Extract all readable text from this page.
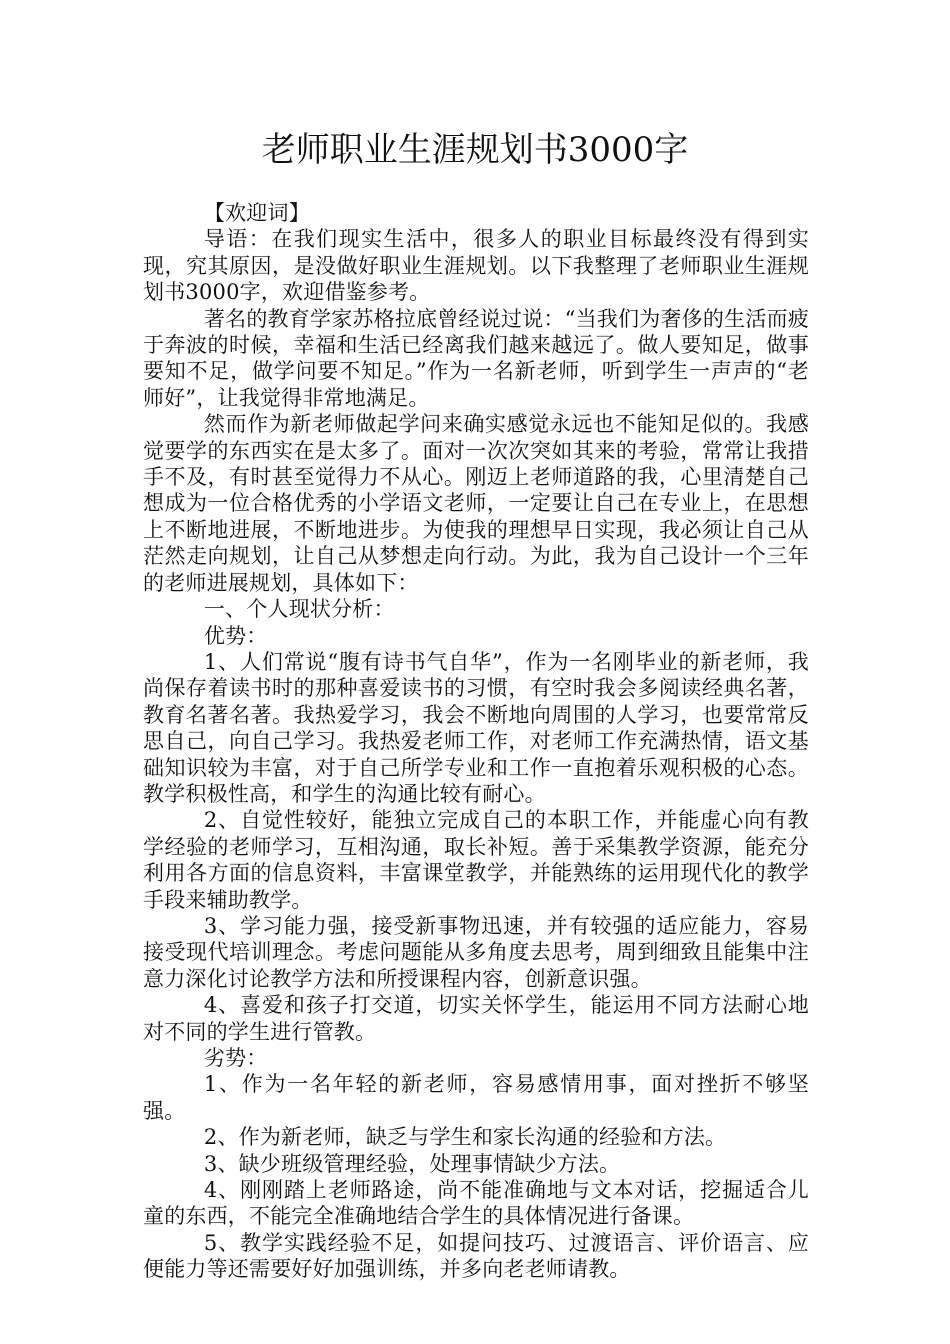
老师职业生涯规划书3000字

【欢迎词】

导语：在我们现实生活中，很多人的职业目标最终没有得到实现，究其原因，是没做好职业生涯规划。以下我整理了老师职业生涯规划书3000字，欢迎借鉴参考。

著名的教育学家苏格拉底曾经说过说：“当我们为奢侈的生活而疲于奔波的时候，幸福和生活已经离我们越来越远了。做人要知足，做事要知不足，做学问要不知足。”作为一名新老师，听到学生一声声的“老师好”，让我觉得非常地满足。

然而作为新老师做起学问来确实感觉永远也不能知足似的。我感觉要学的东西实在是太多了。面对一次次突如其来的考验，常常让我措手不及，有时甚至觉得力不从心。刚迈上老师道路的我，心里清楚自己想成为一位合格优秀的小学语文老师，一定要让自己在专业上，在思想上不断地进展，不断地进步。为使我的理想早日实现，我必须让自己从茫然走向规划，让自己从梦想走向行动。为此，我为自己设计一个三年的老师进展规划，具体如下：

一、个人现状分析：

优势：

1、人们常说“腹有诗书气自华”，作为一名刚毕业的新老师，我尚保存着读书时的那种喜爱读书的习惯，有空时我会多阅读经典名著，教育名著名著。我热爱学习，我会不断地向周围的人学习，也要常常反思自己，向自己学习。我热爱老师工作，对老师工作充满热情，语文基础知识较为丰富，对于自己所学专业和工作一直抱着乐观积极的心态。教学积极性高，和学生的沟通比较有耐心。

2、自觉性较好，能独立完成自己的本职工作，并能虚心向有教学经验的老师学习，互相沟通，取长补短。善于采集教学资源，能充分利用各方面的信息资料，丰富课堂教学，并能熟练的运用现代化的教学手段来辅助教学。

3、学习能力强，接受新事物迅速，并有较强的适应能力，容易接受现代培训理念。考虑问题能从多角度去思考，周到细致且能集中注意力深化讨论教学方法和所授课程内容，创新意识强。

4、喜爱和孩子打交道，切实关怀学生，能运用不同方法耐心地对不同的学生进行管教。

劣势：

1、作为一名年轻的新老师，容易感情用事，面对挫折不够坚强。

2、作为新老师，缺乏与学生和家长沟通的经验和方法。

3、缺少班级管理经验，处理事情缺少方法。

4、刚刚踏上老师路途，尚不能准确地与文本对话，挖掘适合儿童的东西，不能完全准确地结合学生的具体情况进行备课。

5、教学实践经验不足，如提问技巧、过渡语言、评价语言、应便能力等还需要好好加强训练，并多向老老师请教。
